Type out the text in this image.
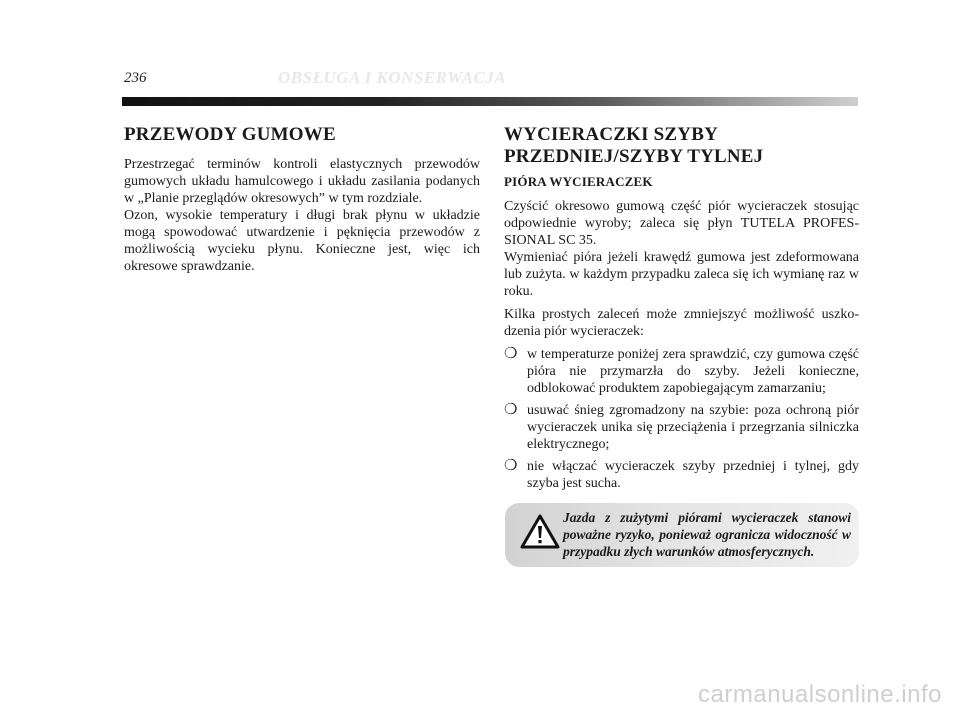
236	OBSŁUGA I KONSERWACJA
PRZEWODY GUMOWE

Przestrzegać terminów kontroli elastycznych przewodów gumowych układu hamulcowego i układu zasilania podanych w „Planie przeglądów okresowych” w tym rozdziale.

Ozon, wysokie temperatury i długi brak płynu w układzie mogą spowodować utwardzenie i pęknięcia przewodów z możliwością wycieku płynu. Konieczne jest, więc ich okresowe sprawdzanie.

WYCIERACZKI SZYBY PRZEDNIEJ/SZYBY TYLNEJ
PIÓRA WYCIERACZEK

Czyścić okresowo gumową część piór wycieraczek stosując odpowiednie wyroby; zaleca się płyn TUTELA PROFES-SIONAL SC 35.

Wymieniać pióra jeżeli krawędź gumowa jest zdeformowana lub zużyta. w każdym przypadku zaleca się ich wymianę raz w roku.

Kilka prostych zaleceń może zmniejszyć możliwość uszko-dzenia piór wycieraczek:

❍ w temperaturze poniżej zera sprawdzić, czy gumowa część pióra nie przymarzła do szyby. Jeżeli konieczne, odblokować produktem zapobiegającym zamarzaniu;
❍ usuwać śnieg zgromadzony na szybie: poza ochroną piór wycieraczek unika się przeciążenia i przegrzania silniczka elektrycznego;
❍ nie włączać wycieraczek szyby przedniej i tylnej, gdy szyba jest sucha.
Jazda z zużytymi piórami wycieraczek stanowi poważne ryzyko, ponieważ ogranicza widoczność w przypadku złych warunków atmosferycznych.
carmanualsonline.info
